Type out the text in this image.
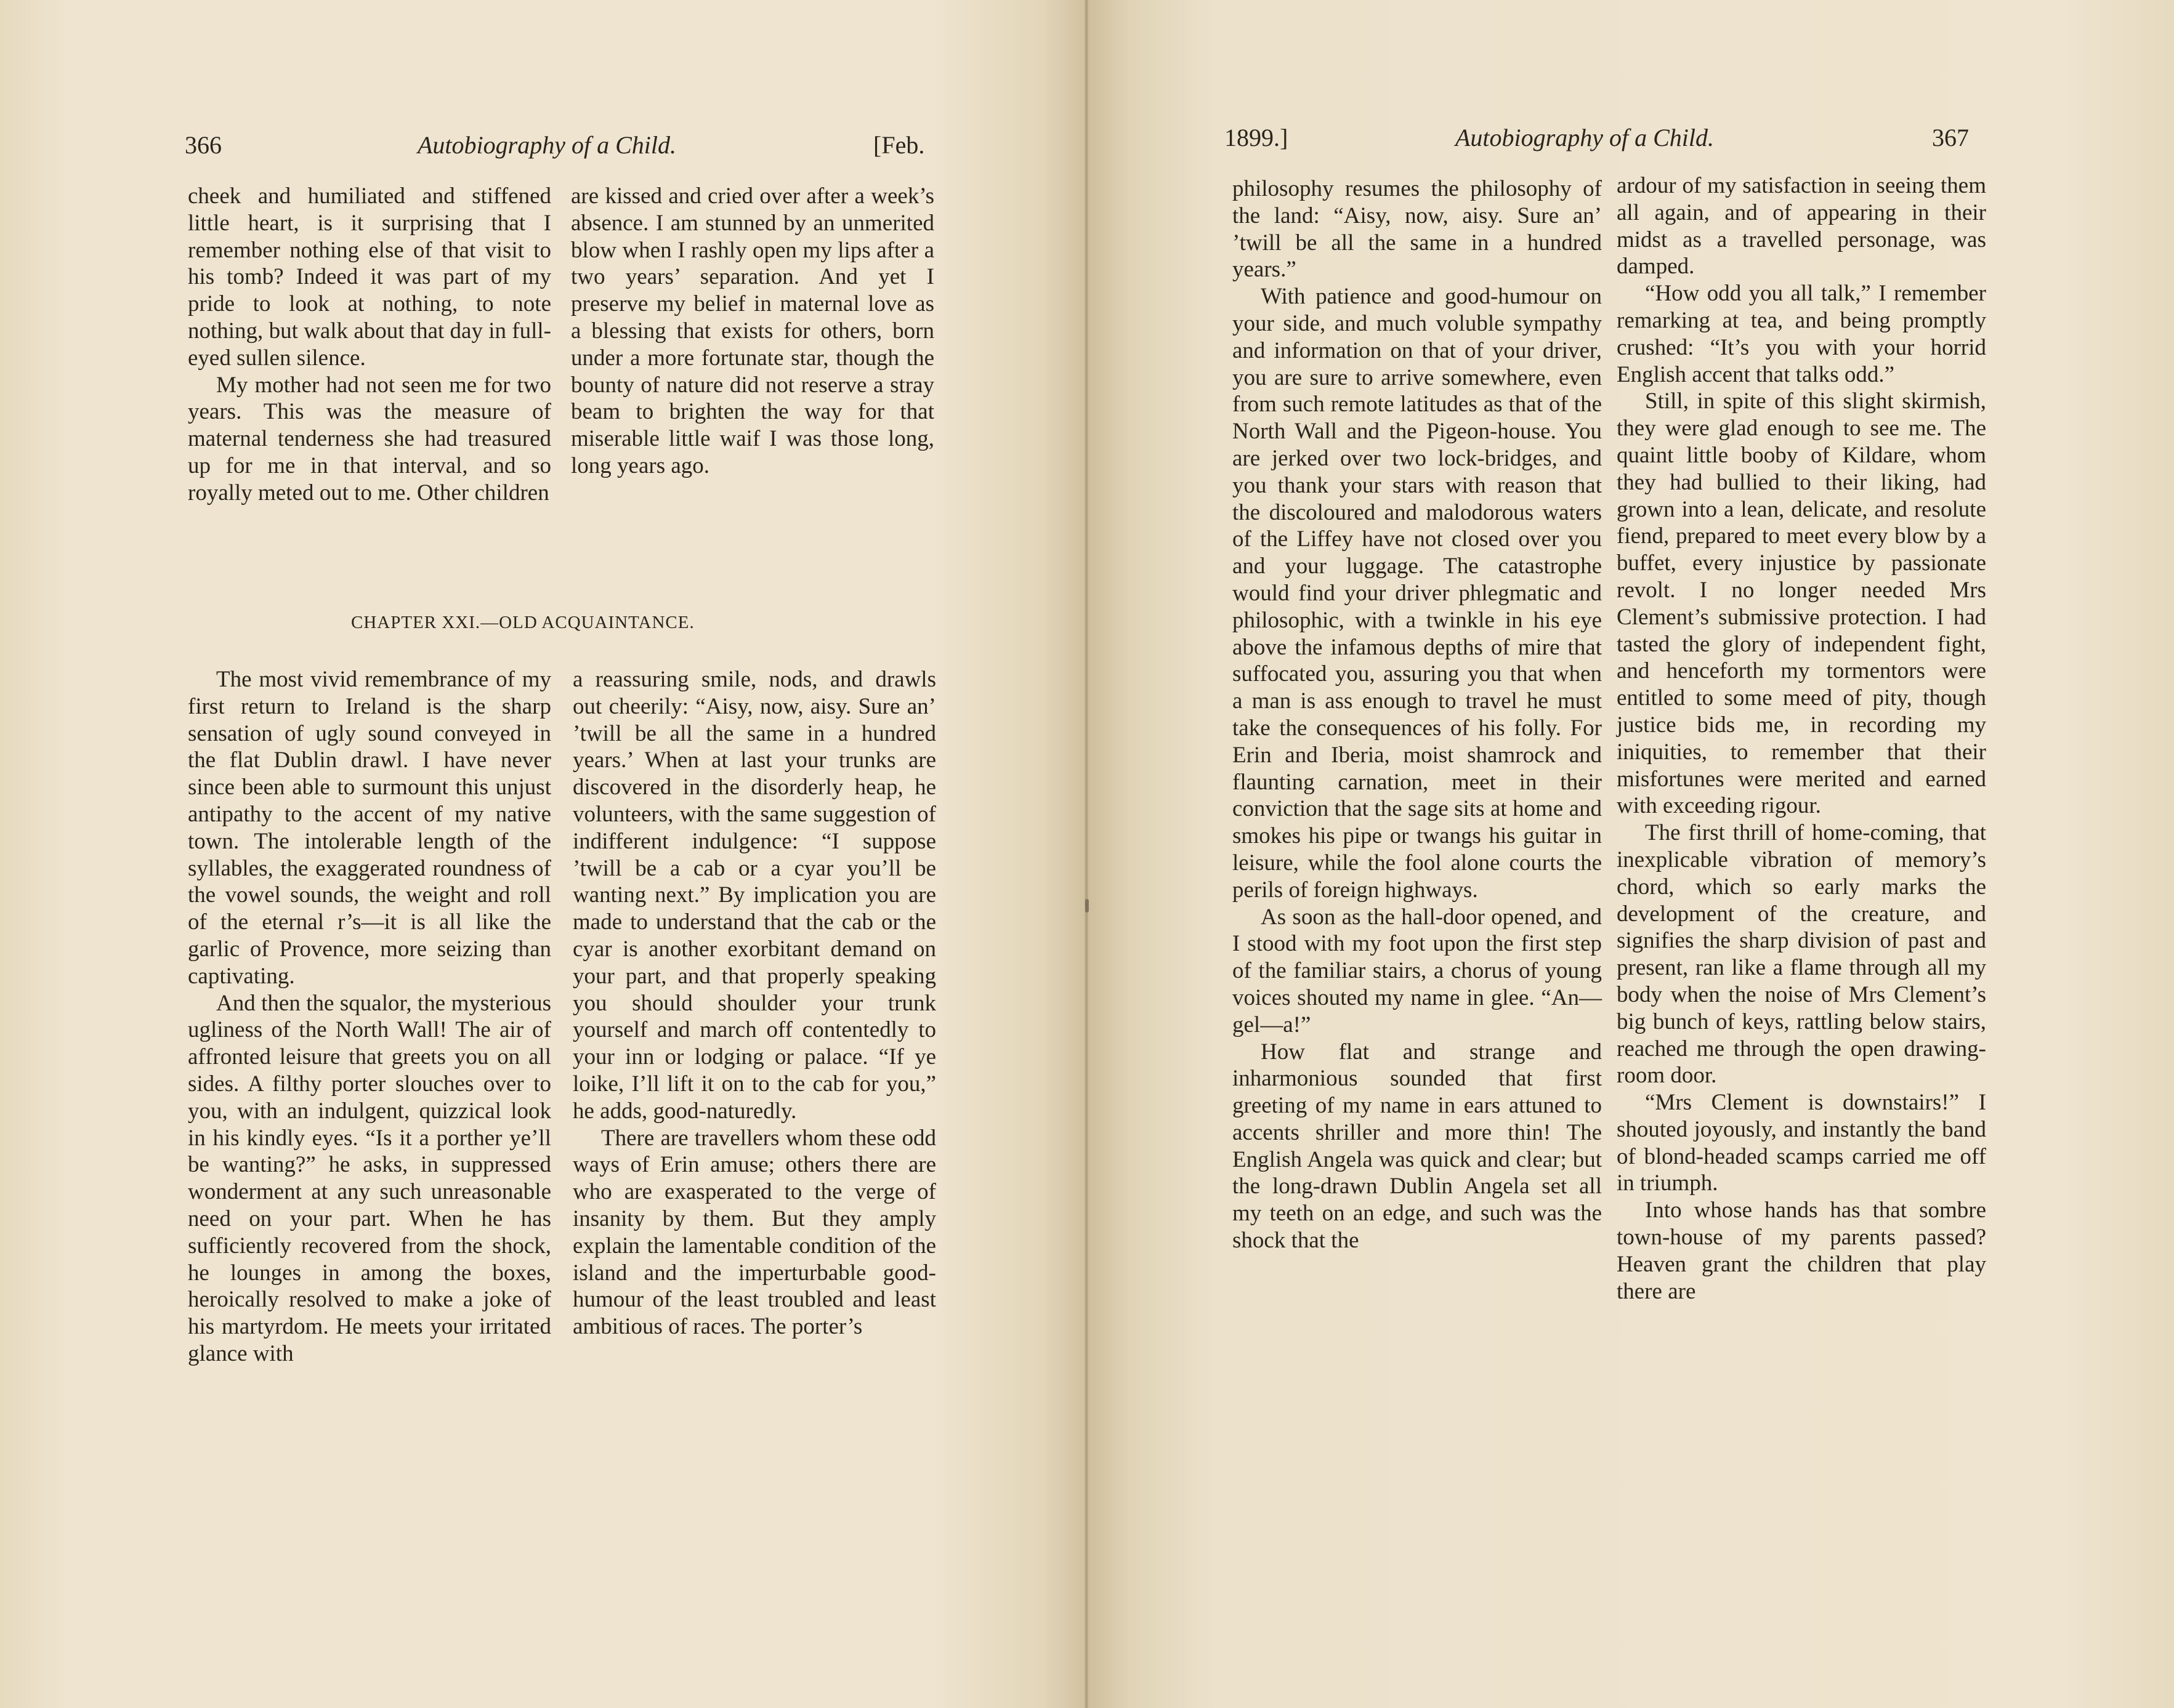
366	Autobiography of a Child.	[Feb.

cheek and humiliated and stiffened little heart, is it surprising that I remember nothing else of that visit to his tomb? Indeed it was part of my pride to look at nothing, to note nothing, but walk about that day in full-eyed sullen silence.

My mother had not seen me for two years. This was the measure of maternal tenderness she had treasured up for me in that interval, and so royally meted out to me. Other children

are kissed and cried over after a week’s absence. I am stunned by an unmerited blow when I rashly open my lips after a two years’ separation. And yet I preserve my belief in maternal love as a blessing that exists for others, born under a more fortunate star, though the bounty of nature did not reserve a stray beam to brighten the way for that miserable little waif I was those long, long years ago.

CHAPTER XXI.—OLD ACQUAINTANCE.

The most vivid remembrance of my first return to Ireland is the sharp sensation of ugly sound conveyed in the flat Dublin drawl. I have never since been able to surmount this unjust antipathy to the accent of my native town. The intolerable length of the syllables, the exaggerated roundness of the vowel sounds, the weight and roll of the eternal r’s—it is all like the garlic of Provence, more seizing than captivating.

And then the squalor, the mysterious ugliness of the North Wall! The air of affronted leisure that greets you on all sides. A filthy porter slouches over to you, with an indulgent, quizzical look in his kindly eyes. “Is it a porther ye’ll be wanting?” he asks, in suppressed wonderment at any such unreasonable need on your part. When he has sufficiently recovered from the shock, he lounges in among the boxes, heroically resolved to make a joke of his martyrdom. He meets your irritated glance with

a reassuring smile, nods, and drawls out cheerily: “Aisy, now, aisy. Sure an’ ’twill be all the same in a hundred years.’ When at last your trunks are discovered in the disorderly heap, he volunteers, with the same suggestion of indifferent indulgence: “I suppose ’twill be a cab or a cyar you’ll be wanting next.” By implication you are made to understand that the cab or the cyar is another exorbitant demand on your part, and that properly speaking you should shoulder your trunk yourself and march off contentedly to your inn or lodging or palace. “If ye loike, I’ll lift it on to the cab for you,” he adds, good-naturedly.

There are travellers whom these odd ways of Erin amuse; others there are who are exasperated to the verge of insanity by them. But they amply explain the lamentable condition of the island and the imperturbable good-humour of the least troubled and least ambitious of races. The porter’s

1899.]	Autobiography of a Child.	367

philosophy resumes the philosophy of the land: “Aisy, now, aisy. Sure an’ ’twill be all the same in a hundred years.”

With patience and good-humour on your side, and much voluble sympathy and information on that of your driver, you are sure to arrive somewhere, even from such remote latitudes as that of the North Wall and the Pigeon-house. You are jerked over two lock-bridges, and you thank your stars with reason that the discoloured and malodorous waters of the Liffey have not closed over you and your luggage. The catastrophe would find your driver phlegmatic and philosophic, with a twinkle in his eye above the infamous depths of mire that suffocated you, assuring you that when a man is ass enough to travel he must take the consequences of his folly. For Erin and Iberia, moist shamrock and flaunting carnation, meet in their conviction that the sage sits at home and smokes his pipe or twangs his guitar in leisure, while the fool alone courts the perils of foreign highways.

As soon as the hall-door opened, and I stood with my foot upon the first step of the familiar stairs, a chorus of young voices shouted my name in glee. “An—gel—a!”

How flat and strange and inharmonious sounded that first greeting of my name in ears attuned to accents shriller and more thin! The English Angela was quick and clear; but the long-drawn Dublin Angela set all my teeth on an edge, and such was the shock that the

ardour of my satisfaction in seeing them all again, and of appearing in their midst as a travelled personage, was damped.

“How odd you all talk,” I remember remarking at tea, and being promptly crushed: “It’s you with your horrid English accent that talks odd.”

Still, in spite of this slight skirmish, they were glad enough to see me. The quaint little booby of Kildare, whom they had bullied to their liking, had grown into a lean, delicate, and resolute fiend, prepared to meet every blow by a buffet, every injustice by passionate revolt. I no longer needed Mrs Clement’s submissive protection. I had tasted the glory of independent fight, and henceforth my tormentors were entitled to some meed of pity, though justice bids me, in recording my iniquities, to remember that their misfortunes were merited and earned with exceeding rigour.

The first thrill of home-coming, that inexplicable vibration of memory’s chord, which so early marks the development of the creature, and signifies the sharp division of past and present, ran like a flame through all my body when the noise of Mrs Clement’s big bunch of keys, rattling below stairs, reached me through the open drawing-room door.

“Mrs Clement is downstairs!” I shouted joyously, and instantly the band of blond-headed scamps carried me off in triumph.

Into whose hands has that sombre town-house of my parents passed? Heaven grant the children that play there are
